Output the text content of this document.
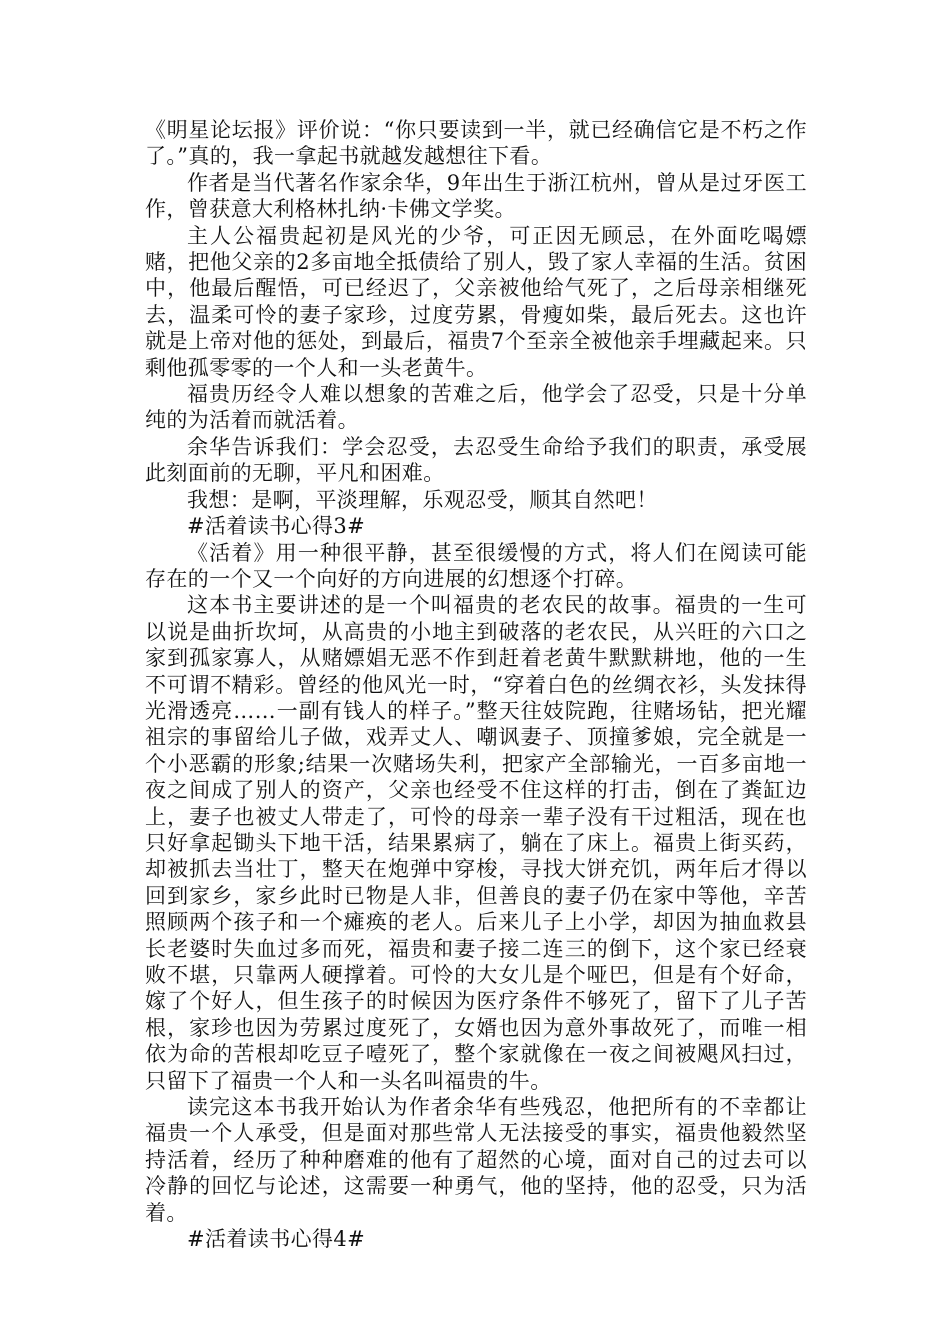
《明星论坛报》评价说：“你只要读到一半，就已经确信它是不朽之作了。”真的，我一拿起书就越发越想往下看。

作者是当代著名作家余华，9年出生于浙江杭州，曾从是过牙医工作，曾获意大利格林扎纳·卡佛文学奖。

主人公福贵起初是风光的少爷，可正因无顾忌，在外面吃喝嫖赌，把他父亲的2多亩地全抵债给了别人，毁了家人幸福的生活。贫困中，他最后醒悟，可已经迟了，父亲被他给气死了，之后母亲相继死去，温柔可怜的妻子家珍，过度劳累，骨瘦如柴，最后死去。这也许就是上帝对他的惩处，到最后，福贵7个至亲全被他亲手埋藏起来。只剩他孤零零的一个人和一头老黄牛。

福贵历经令人难以想象的苦难之后，他学会了忍受，只是十分单纯的为活着而就活着。

余华告诉我们：学会忍受，去忍受生命给予我们的职责，承受展此刻面前的无聊，平凡和困难。

我想：是啊，平淡理解，乐观忍受，顺其自然吧！

#活着读书心得3#

《活着》用一种很平静，甚至很缓慢的方式，将人们在阅读可能存在的一个又一个向好的方向进展的幻想逐个打碎。

这本书主要讲述的是一个叫福贵的老农民的故事。福贵的一生可以说是曲折坎坷，从高贵的小地主到破落的老农民，从兴旺的六口之家到孤家寡人，从赌嫖娼无恶不作到赶着老黄牛默默耕地，他的一生不可谓不精彩。曾经的他风光一时，“穿着白色的丝绸衣衫，头发抹得光滑透亮……一副有钱人的样子。”整天往妓院跑，往赌场钻，把光耀祖宗的事留给儿子做，戏弄丈人、嘲讽妻子、顶撞爹娘，完全就是一个小恶霸的形象;结果一次赌场失利，把家产全部输光，一百多亩地一夜之间成了别人的资产，父亲也经受不住这样的打击，倒在了粪缸边上，妻子也被丈人带走了，可怜的母亲一辈子没有干过粗活，现在也只好拿起锄头下地干活，结果累病了，躺在了床上。福贵上街买药，却被抓去当壮丁，整天在炮弹中穿梭，寻找大饼充饥，两年后才得以回到家乡，家乡此时已物是人非，但善良的妻子仍在家中等他，辛苦照顾两个孩子和一个瘫痪的老人。后来儿子上小学，却因为抽血救县长老婆时失血过多而死，福贵和妻子接二连三的倒下，这个家已经衰败不堪，只靠两人硬撑着。可怜的大女儿是个哑巴，但是有个好命，嫁了个好人，但生孩子的时候因为医疗条件不够死了，留下了儿子苦根，家珍也因为劳累过度死了，女婿也因为意外事故死了，而唯一相依为命的苦根却吃豆子噎死了，整个家就像在一夜之间被飓风扫过，只留下了福贵一个人和一头名叫福贵的牛。

读完这本书我开始认为作者余华有些残忍，他把所有的不幸都让福贵一个人承受，但是面对那些常人无法接受的事实，福贵他毅然坚持活着，经历了种种磨难的他有了超然的心境，面对自己的过去可以冷静的回忆与论述，这需要一种勇气，他的坚持，他的忍受，只为活着。

#活着读书心得4#
